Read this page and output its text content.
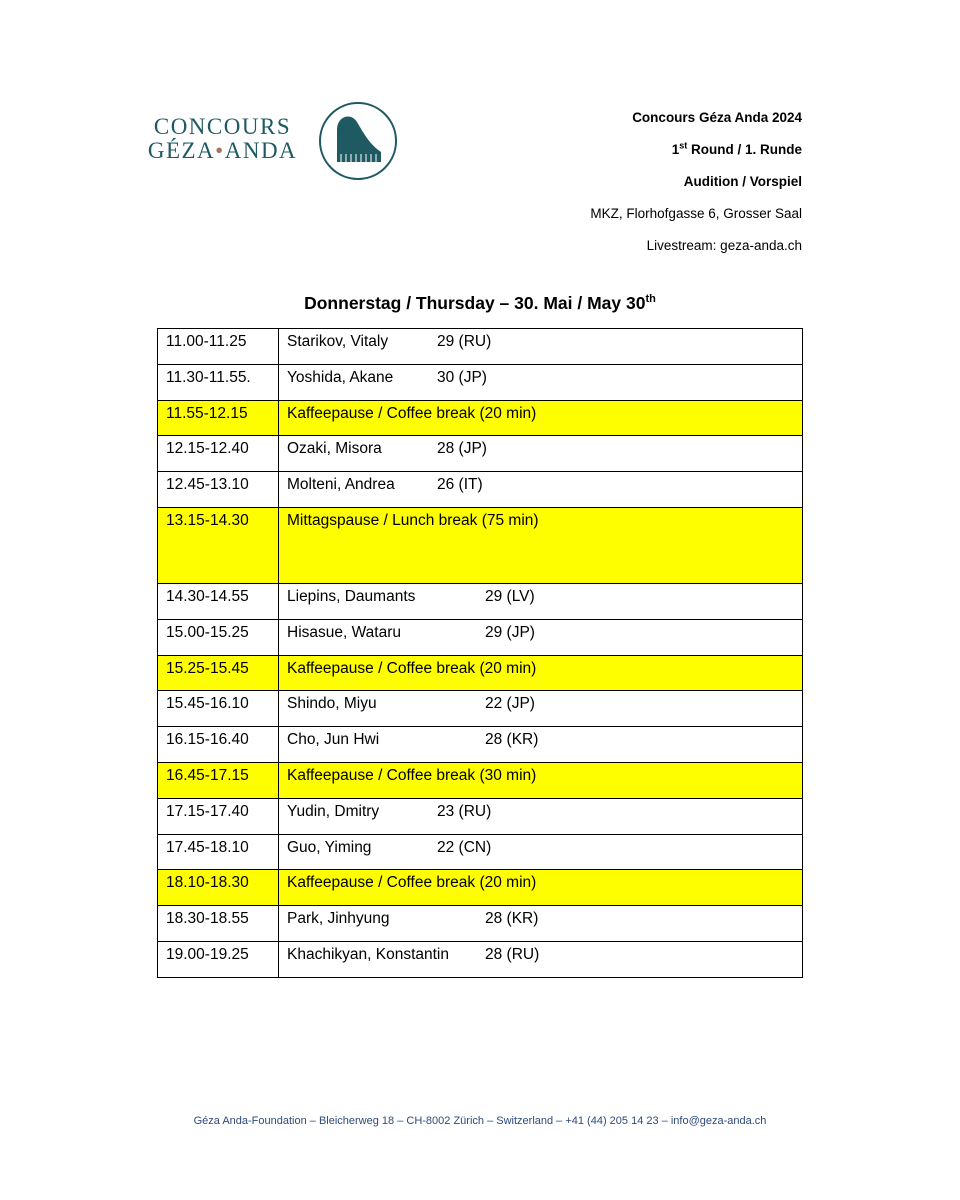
CONCOURS
GÉZA•ANDA
Concours Géza Anda 2024
1st Round / 1. Runde
Audition / Vorspiel
MKZ, Florhofgasse 6, Grosser Saal
Livestream: geza-anda.ch
Donnerstag / Thursday – 30. Mai / May 30th
11.00-11.25	Starikov, Vitaly 29 (RU)
11.30-11.55.	Yoshida, Akane 30 (JP)
11.55-12.15	Kaffeepause / Coffee break (20 min)
12.15-12.40	Ozaki, Misora 28 (JP)
12.45-13.10	Molteni, Andrea 26 (IT)
13.15-14.30	Mittagspause / Lunch break (75 min)
14.30-14.55	Liepins, Daumants 29 (LV)
15.00-15.25	Hisasue, Wataru 29 (JP)
15.25-15.45	Kaffeepause / Coffee break (20 min)
15.45-16.10	Shindo, Miyu 22 (JP)
16.15-16.40	Cho, Jun Hwi 28 (KR)
16.45-17.15	Kaffeepause / Coffee break (30 min)
17.15-17.40	Yudin, Dmitry 23 (RU)
17.45-18.10	Guo, Yiming 22 (CN)
18.10-18.30	Kaffeepause / Coffee break (20 min)
18.30-18.55	Park, Jinhyung 28 (KR)
19.00-19.25	Khachikyan, Konstantin 28 (RU)
Géza Anda-Foundation – Bleicherweg 18 – CH-8002 Zürich – Switzerland – +41 (44) 205 14 23 – info@geza-anda.ch
